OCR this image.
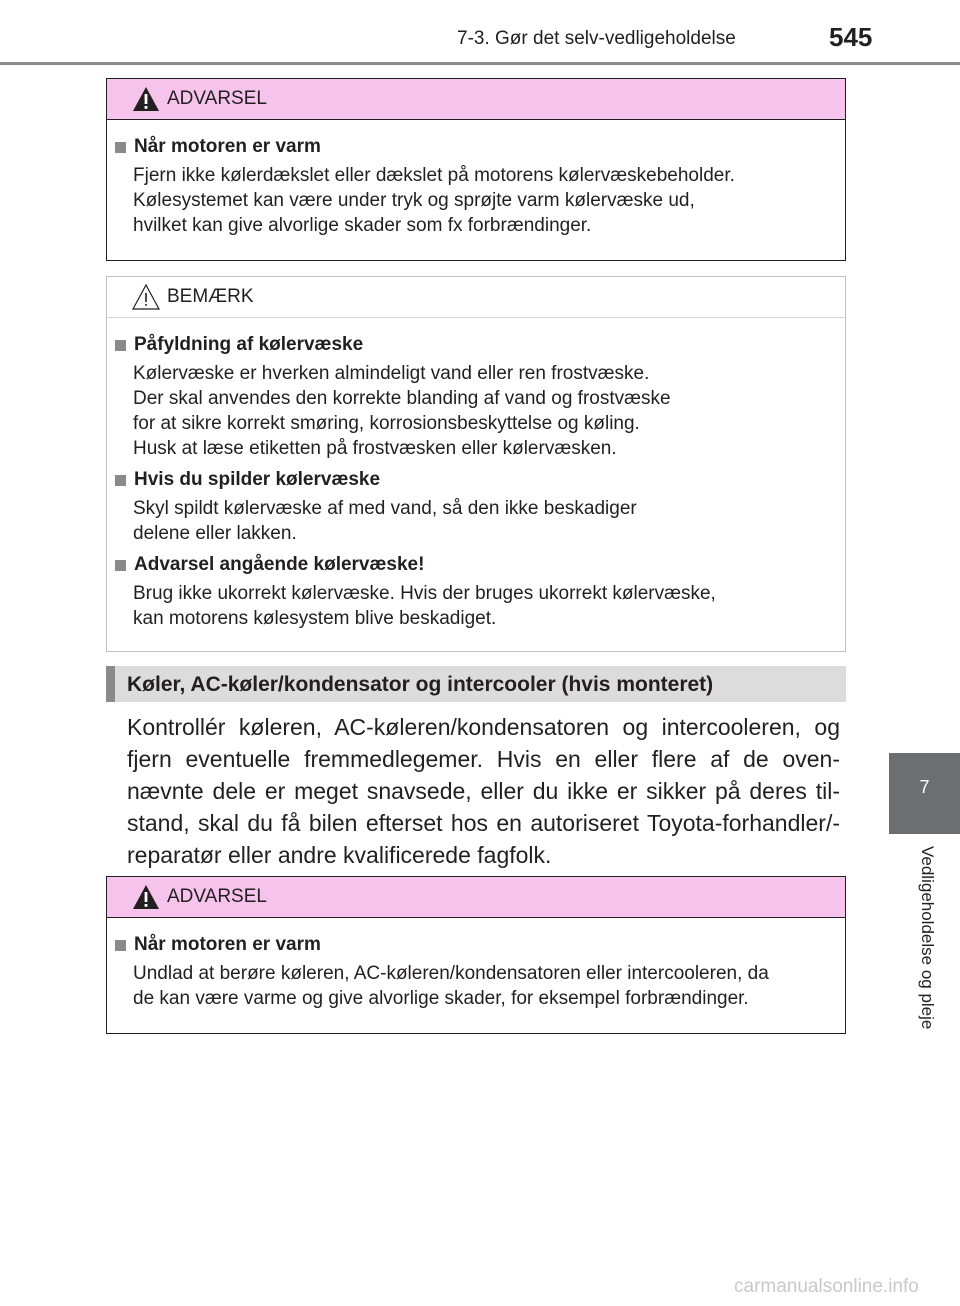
7-3. Gør det selv-vedligeholdelse	545
7
Vedligeholdelse og pleje
ADVARSEL
Når motoren er varm
Fjern ikke kølerdækslet eller dækslet på motorens kølervæskebeholder.
Kølesystemet kan være under tryk og sprøjte varm kølervæske ud,
hvilket kan give alvorlige skader som fx forbrændinger.
BEMÆRK
Påfyldning af kølervæske
Kølervæske er hverken almindeligt vand eller ren frostvæske.
Der skal anvendes den korrekte blanding af vand og frostvæske
for at sikre korrekt smøring, korrosionsbeskyttelse og køling.
Husk at læse etiketten på frostvæsken eller kølervæsken.
Hvis du spilder kølervæske
Skyl spildt kølervæske af med vand, så den ikke beskadiger
delene eller lakken.
Advarsel angående kølervæske!
Brug ikke ukorrekt kølervæske. Hvis der bruges ukorrekt kølervæske,
kan motorens kølesystem blive beskadiget.
Køler, AC-køler/kondensator og intercooler (hvis monteret)
Kontrollér køleren, AC-køleren/kondensatoren og intercooleren, og fjern eventuelle fremmedlegemer. Hvis en eller flere af de oven-nævnte dele er meget snavsede, eller du ikke er sikker på deres til-stand, skal du få bilen efterset hos en autoriseret Toyota-forhandler/-reparatør eller andre kvalificerede fagfolk.
ADVARSEL
Når motoren er varm
Undlad at berøre køleren, AC-køleren/kondensatoren eller intercooleren, da
de kan være varme og give alvorlige skader, for eksempel forbrændinger.
carmanualsonline.info
